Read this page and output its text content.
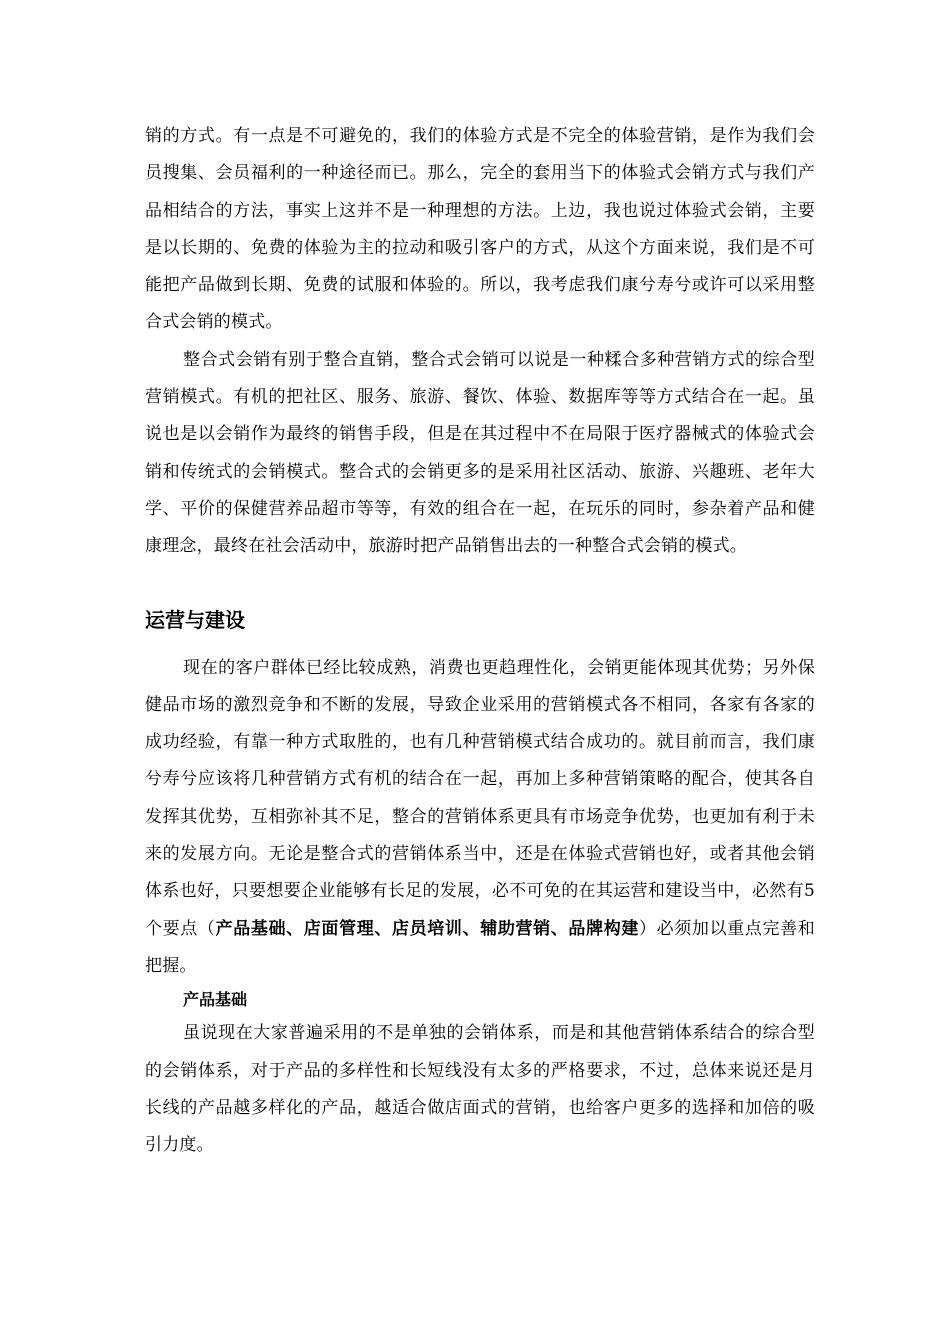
销的方式。有一点是不可避免的，我们的体验方式是不完全的体验营销，是作为我们会员搜集、会员福利的一种途径而已。那么，完全的套用当下的体验式会销方式与我们产品相结合的方法，事实上这并不是一种理想的方法。上边，我也说过体验式会销，主要是以长期的、免费的体验为主的拉动和吸引客户的方式，从这个方面来说，我们是不可能把产品做到长期、免费的试服和体验的。所以，我考虑我们康兮寿兮或许可以采用整合式会销的模式。

整合式会销有别于整合直销，整合式会销可以说是一种糅合多种营销方式的综合型营销模式。有机的把社区、服务、旅游、餐饮、体验、数据库等等方式结合在一起。虽说也是以会销作为最终的销售手段，但是在其过程中不在局限于医疗器械式的体验式会销和传统式的会销模式。整合式的会销更多的是采用社区活动、旅游、兴趣班、老年大学、平价的保健营养品超市等等，有效的组合在一起，在玩乐的同时，参杂着产品和健康理念，最终在社会活动中，旅游时把产品销售出去的一种整合式会销的模式。

运营与建设

现在的客户群体已经比较成熟，消费也更趋理性化，会销更能体现其优势；另外保健品市场的激烈竞争和不断的发展，导致企业采用的营销模式各不相同，各家有各家的成功经验，有靠一种方式取胜的，也有几种营销模式结合成功的。就目前而言，我们康兮寿兮应该将几种营销方式有机的结合在一起，再加上多种营销策略的配合，使其各自发挥其优势，互相弥补其不足，整合的营销体系更具有市场竞争优势，也更加有利于未来的发展方向。无论是整合式的营销体系当中，还是在体验式营销也好，或者其他会销体系也好，只要想要企业能够有长足的发展，必不可免的在其运营和建设当中，必然有5个要点（产品基础、店面管理、店员培训、辅助营销、品牌构建）必须加以重点完善和把握。

产品基础

虽说现在大家普遍采用的不是单独的会销体系，而是和其他营销体系结合的综合型的会销体系，对于产品的多样性和长短线没有太多的严格要求，不过，总体来说还是月长线的产品越多样化的产品，越适合做店面式的营销，也给客户更多的选择和加倍的吸引力度。
